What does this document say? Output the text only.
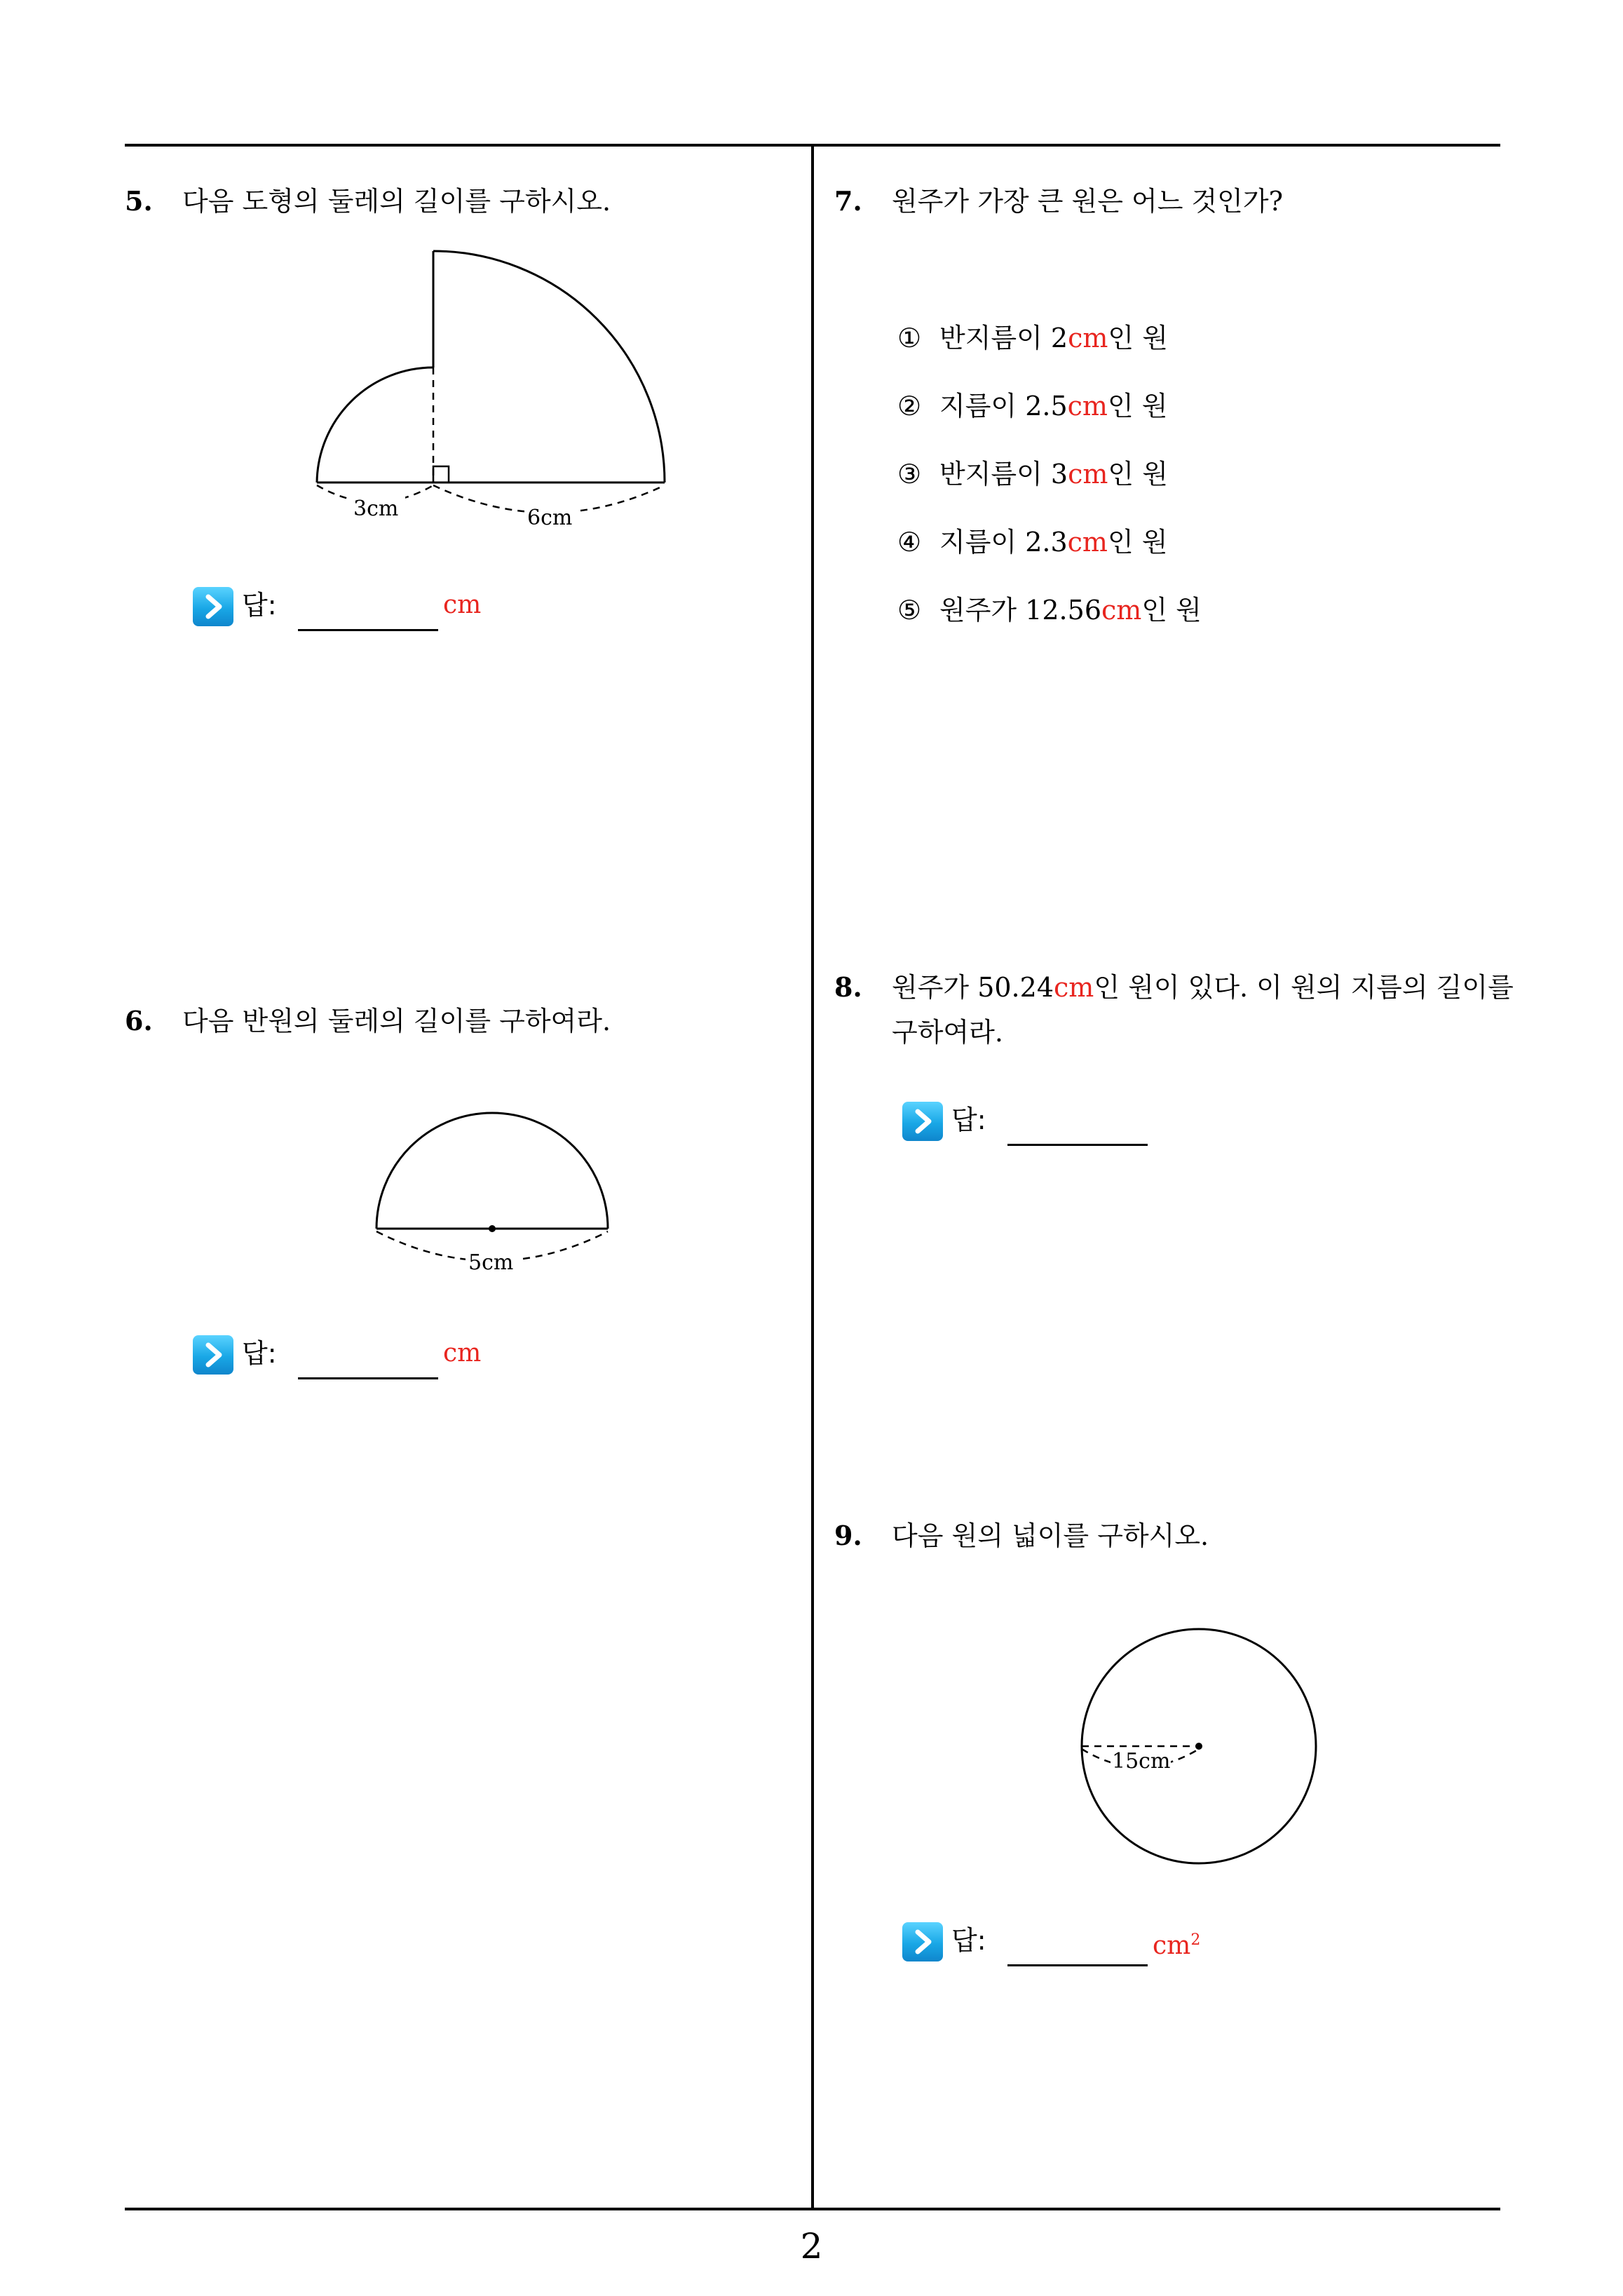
5. 다음 도형의 둘레의 길이를 구하시오.
3cm	6cm
답:	cm
6. 다음 반원의 둘레의 길이를 구하여라.
5cm
답:	cm
7. 원주가 가장 큰 원은 어느 것인가?
① 반지름이 2cm인 원
② 지름이 2.5cm인 원
③ 반지름이 3cm인 원
④ 지름이 2.3cm인 원
⑤ 원주가 12.56cm인 원
8. 원주가 50.24cm인 원이 있다. 이 원의 지름의 길이를
구하여라.
답:
9. 다음 원의 넓이를 구하시오.
15cm
답:	$cm^2$
2
